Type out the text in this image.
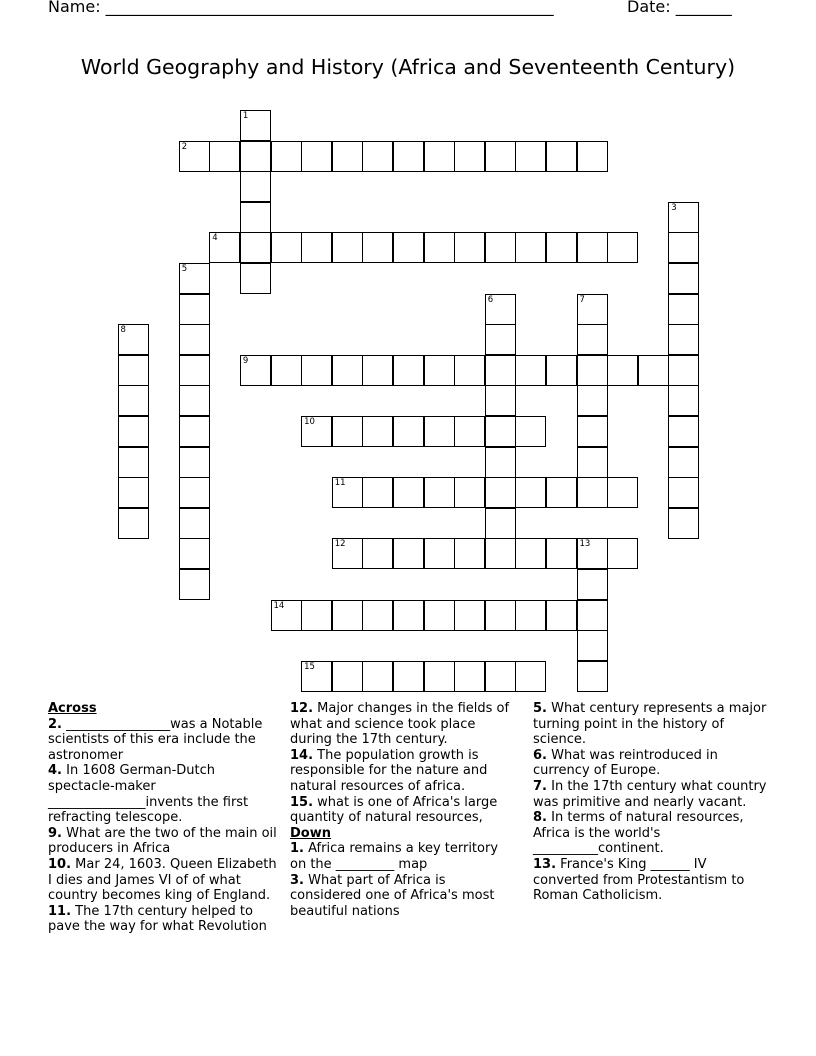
Name: ________________________________________________________	Date: _______
World Geography and History (Africa and Seventeenth Century)
1
2
3
4
5
6	7
8
9
10
11
12	13
14
15

Across

2. ________________was a Notable scientists of this era include the astronomer

4. In 1608 German-Dutch spectacle-maker _______________invents the first refracting telescope.

9. What are the two of the main oil producers in Africa

10. Mar 24, 1603. Queen Elizabeth I dies and James VI of of what country becomes king of England.

11. The 17th century helped to pave the way for what Revolution

12. Major changes in the fields of what and science took place during the 17th century.

14. The population growth is responsible for the nature and natural resources of africa.

15. what is one of Africa's large quantity of natural resources,

Down

1. Africa remains a key territory on the _________ map

3. What part of Africa is considered one of Africa's most beautiful nations

5. What century represents a major turning point in the history of science.

6. What was reintroduced in currency of Europe.

7. In the 17th century what country was primitive and nearly vacant.

8. In terms of natural resources, Africa is the world's __________continent.

13. France's King ______ IV converted from Protestantism to Roman Catholicism.
